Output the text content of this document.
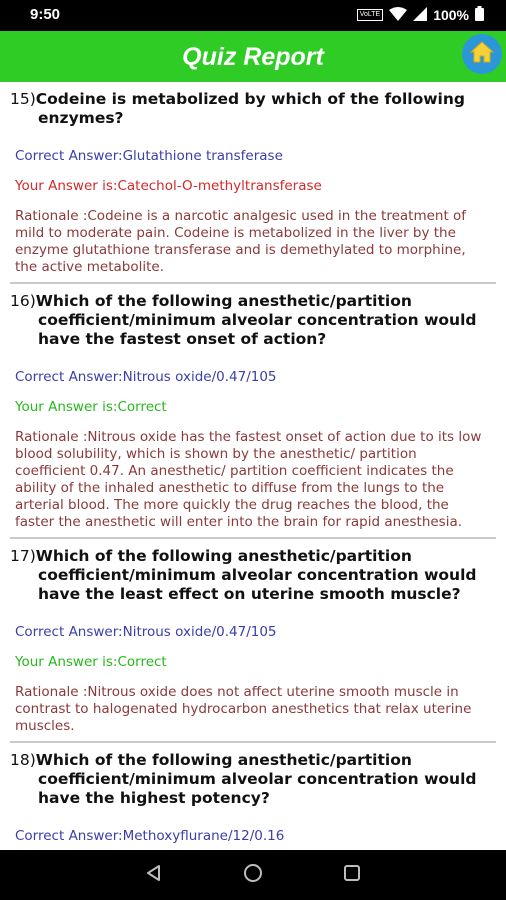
9:50	VoLTE	100%
Quiz Report
15)Codeine is metabolized by which of the following enzymes?
Correct Answer:Glutathione transferase
Your Answer is:Catechol-O-methyltransferase
Rationale :Codeine is a narcotic analgesic used in the treatment of mild to moderate pain. Codeine is metabolized in the liver by the enzyme glutathione transferase and is demethylated to morphine, the active metabolite.
16)Which of the following anesthetic/partition coefficient/minimum alveolar concentration would have the fastest onset of action?
Correct Answer:Nitrous oxide/0.47/105
Your Answer is:Correct
Rationale :Nitrous oxide has the fastest onset of action due to its low blood solubility, which is shown by the anesthetic/ partition coefficient 0.47. An anesthetic/ partition coefficient indicates the ability of the inhaled anesthetic to diffuse from the lungs to the arterial blood. The more quickly the drug reaches the blood, the faster the anesthetic will enter into the brain for rapid anesthesia.
17)Which of the following anesthetic/partition coefficient/minimum alveolar concentration would have the least effect on uterine smooth muscle?
Correct Answer:Nitrous oxide/0.47/105
Your Answer is:Correct
Rationale :Nitrous oxide does not affect uterine smooth muscle in contrast to halogenated hydrocarbon anesthetics that relax uterine muscles.
18)Which of the following anesthetic/partition coefficient/minimum alveolar concentration would have the highest potency?
Correct Answer:Methoxyflurane/12/0.16
